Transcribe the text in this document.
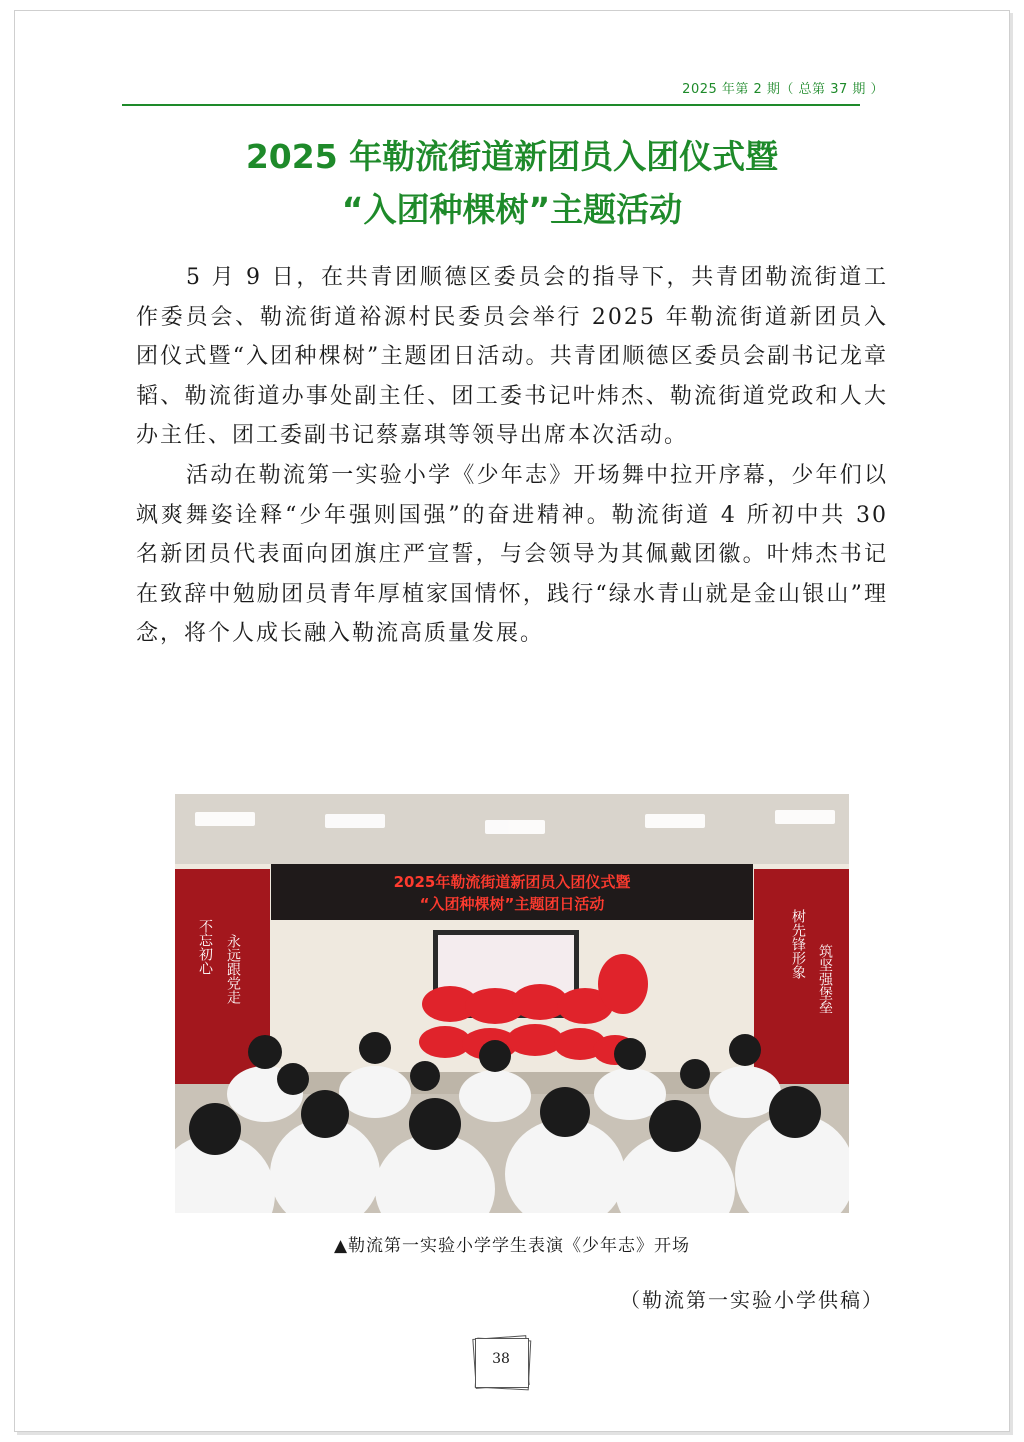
2025 年第 2 期（ 总第 37 期 ）
2025 年勒流街道新团员入团仪式暨
“入团种棵树”主题活动

5 月 9 日，在共青团顺德区委员会的指导下，共青团勒流街道工作委员会、勒流街道裕源村民委员会举行 2025 年勒流街道新团员入团仪式暨“入团种棵树”主题团日活动。共青团顺德区委员会副书记龙章韬、勒流街道办事处副主任、团工委书记叶炜杰、勒流街道党政和人大办主任、团工委副书记蔡嘉琪等领导出席本次活动。

活动在勒流第一实验小学《少年志》开场舞中拉开序幕，少年们以飒爽舞姿诠释“少年强则国强”的奋进精神。勒流街道 4 所初中共 30 名新团员代表面向团旗庄严宣誓，与会领导为其佩戴团徽。叶炜杰书记在致辞中勉励团员青年厚植家国情怀，践行“绿水青山就是金山银山”理念，将个人成长融入勒流高质量发展。

不忘初心 永远跟党走	树先锋形象 筑坚强堡垒
2025年勒流街道新团员入团仪式暨
“入团种棵树”主题团日活动
▲勒流第一实验小学学生表演《少年志》开场
（勒流第一实验小学供稿）
38
